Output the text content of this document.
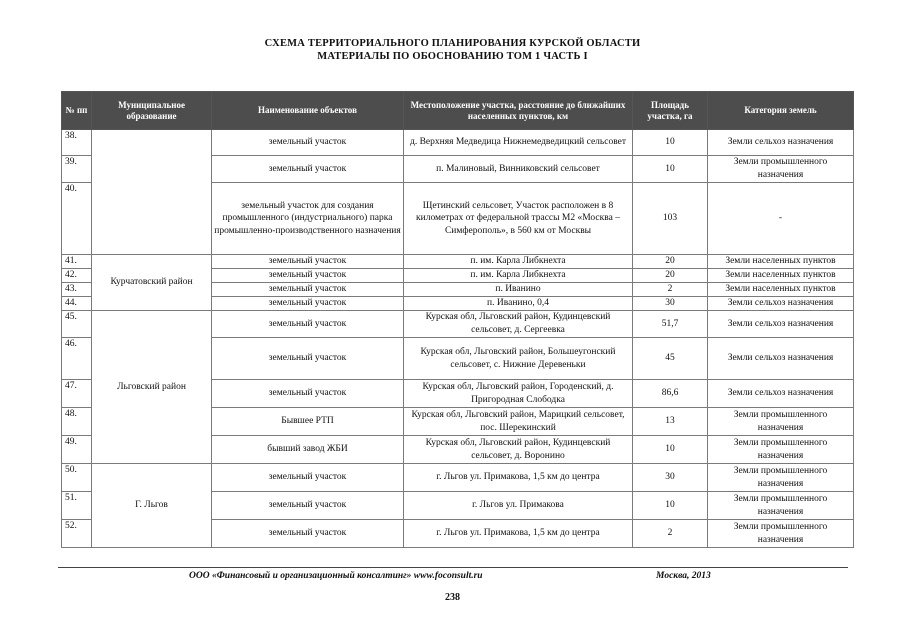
СХЕМА ТЕРРИТОРИАЛЬНОГО ПЛАНИРОВАНИЯ КУРСКОЙ ОБЛАСТИ
МАТЕРИАЛЫ ПО ОБОСНОВАНИЮ ТОМ 1 ЧАСТЬ I
№ пп	Муниципальное образование	Наименование объектов	Местоположение участка, расстояние до ближайших населенных пунктов, км	Площадь участка, га	Категория земель
38.		земельный участок	д. Верхняя Медведица Нижнемедведицкий сельсовет	10	Земли сельхоз назначения
39.		земельный участок	п. Малиновый, Винниковский сельсовет	10	Земли промышленного назначения
40.		земельный участок для создания промышленного (индустриального) парка промышленно-производственного назначения	Щетинский сельсовет, Участок расположен в 8 километрах от федеральной трассы М2 «Москва – Симферополь», в 560 км от Москвы	103	-
41.	Курчатовский район	земельный участок	п. им. Карла Либкнехта	20	Земли населенных пунктов
42.		земельный участок	п. им. Карла Либкнехта	20	Земли населенных пунктов
43.		земельный участок	п. Иванино	2	Земли населенных пунктов
44.		земельный участок	п. Иванино, 0,4	30	Земли сельхоз назначения
45.	Льговский район	земельный участок	Курская обл, Льговский район, Кудинцевский сельсовет, д. Сергеевка	51,7	Земли сельхоз назначения
46.		земельный участок	Курская обл, Льговский район, Большеугонский сельсовет, с. Нижние Деревеньки	45	Земли сельхоз назначения
47.		земельный участок	Курская обл, Льговский район, Городенский, д. Пригородная Слободка	86,6	Земли сельхоз назначения
48.		Бывшее РТП	Курская обл, Льговский район, Марицкий сельсовет, пос. Шерекинский	13	Земли промышленного назначения
49.		бывший завод ЖБИ	Курская обл, Льговский район, Кудинцевский сельсовет, д. Воронино	10	Земли промышленного назначения
50.	Г. Льгов	земельный участок	г. Льгов ул. Примакова, 1,5 км до центра	30	Земли промышленного назначения
51.		земельный участок	г. Льгов ул. Примакова	10	Земли промышленного назначения
52.		земельный участок	г. Льгов ул. Примакова, 1,5 км до центра	2	Земли промышленного назначения
ООО «Финансовый и организационный консалтинг» www.foconsult.ru	Москва, 2013
238
